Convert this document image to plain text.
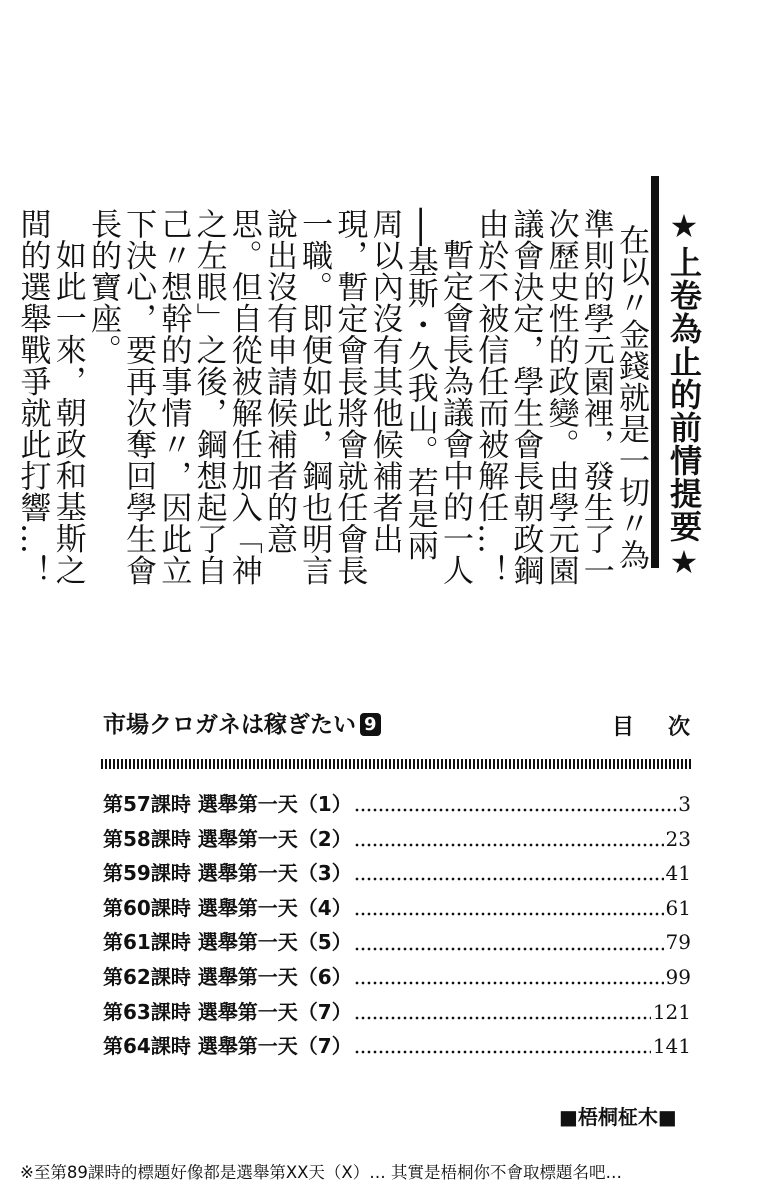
★上卷為止的前情提要★

在以〃金錢就是一切〃為準則的學元園裡，發生了一次歷史性的政變。由學元園議會決定，學生會長朝政鋼由於不被信任而被解任…！

暫定會長為議會中的一人──基斯・久我山。若是兩周以內沒有其他候補者出現，暫定會長將會就任會長一職。即便如此，鋼也明言說出沒有申請候補者的意思。但自從被解任加入「神之左眼」之後，鋼想起了自己〃想幹的事情〃，因此立下決心，要再次奪回學生會長的寶座。

如此一來，朝政和基斯之間的選舉戰爭就此打響…！

市場クロガネは稼ぎたい 9	目次
第57課時 選舉第一天（1）	3
第58課時 選舉第一天（2）	23
第59課時 選舉第一天（3）	41
第60課時 選舉第一天（4）	61
第61課時 選舉第一天（5）	79
第62課時 選舉第一天（6）	99
第63課時 選舉第一天（7）	121
第64課時 選舉第一天（7）	141
■梧桐柾木■
※至第89課時的標題好像都是選舉第XX天（X）… 其實是梧桐你不會取標題名吧…
